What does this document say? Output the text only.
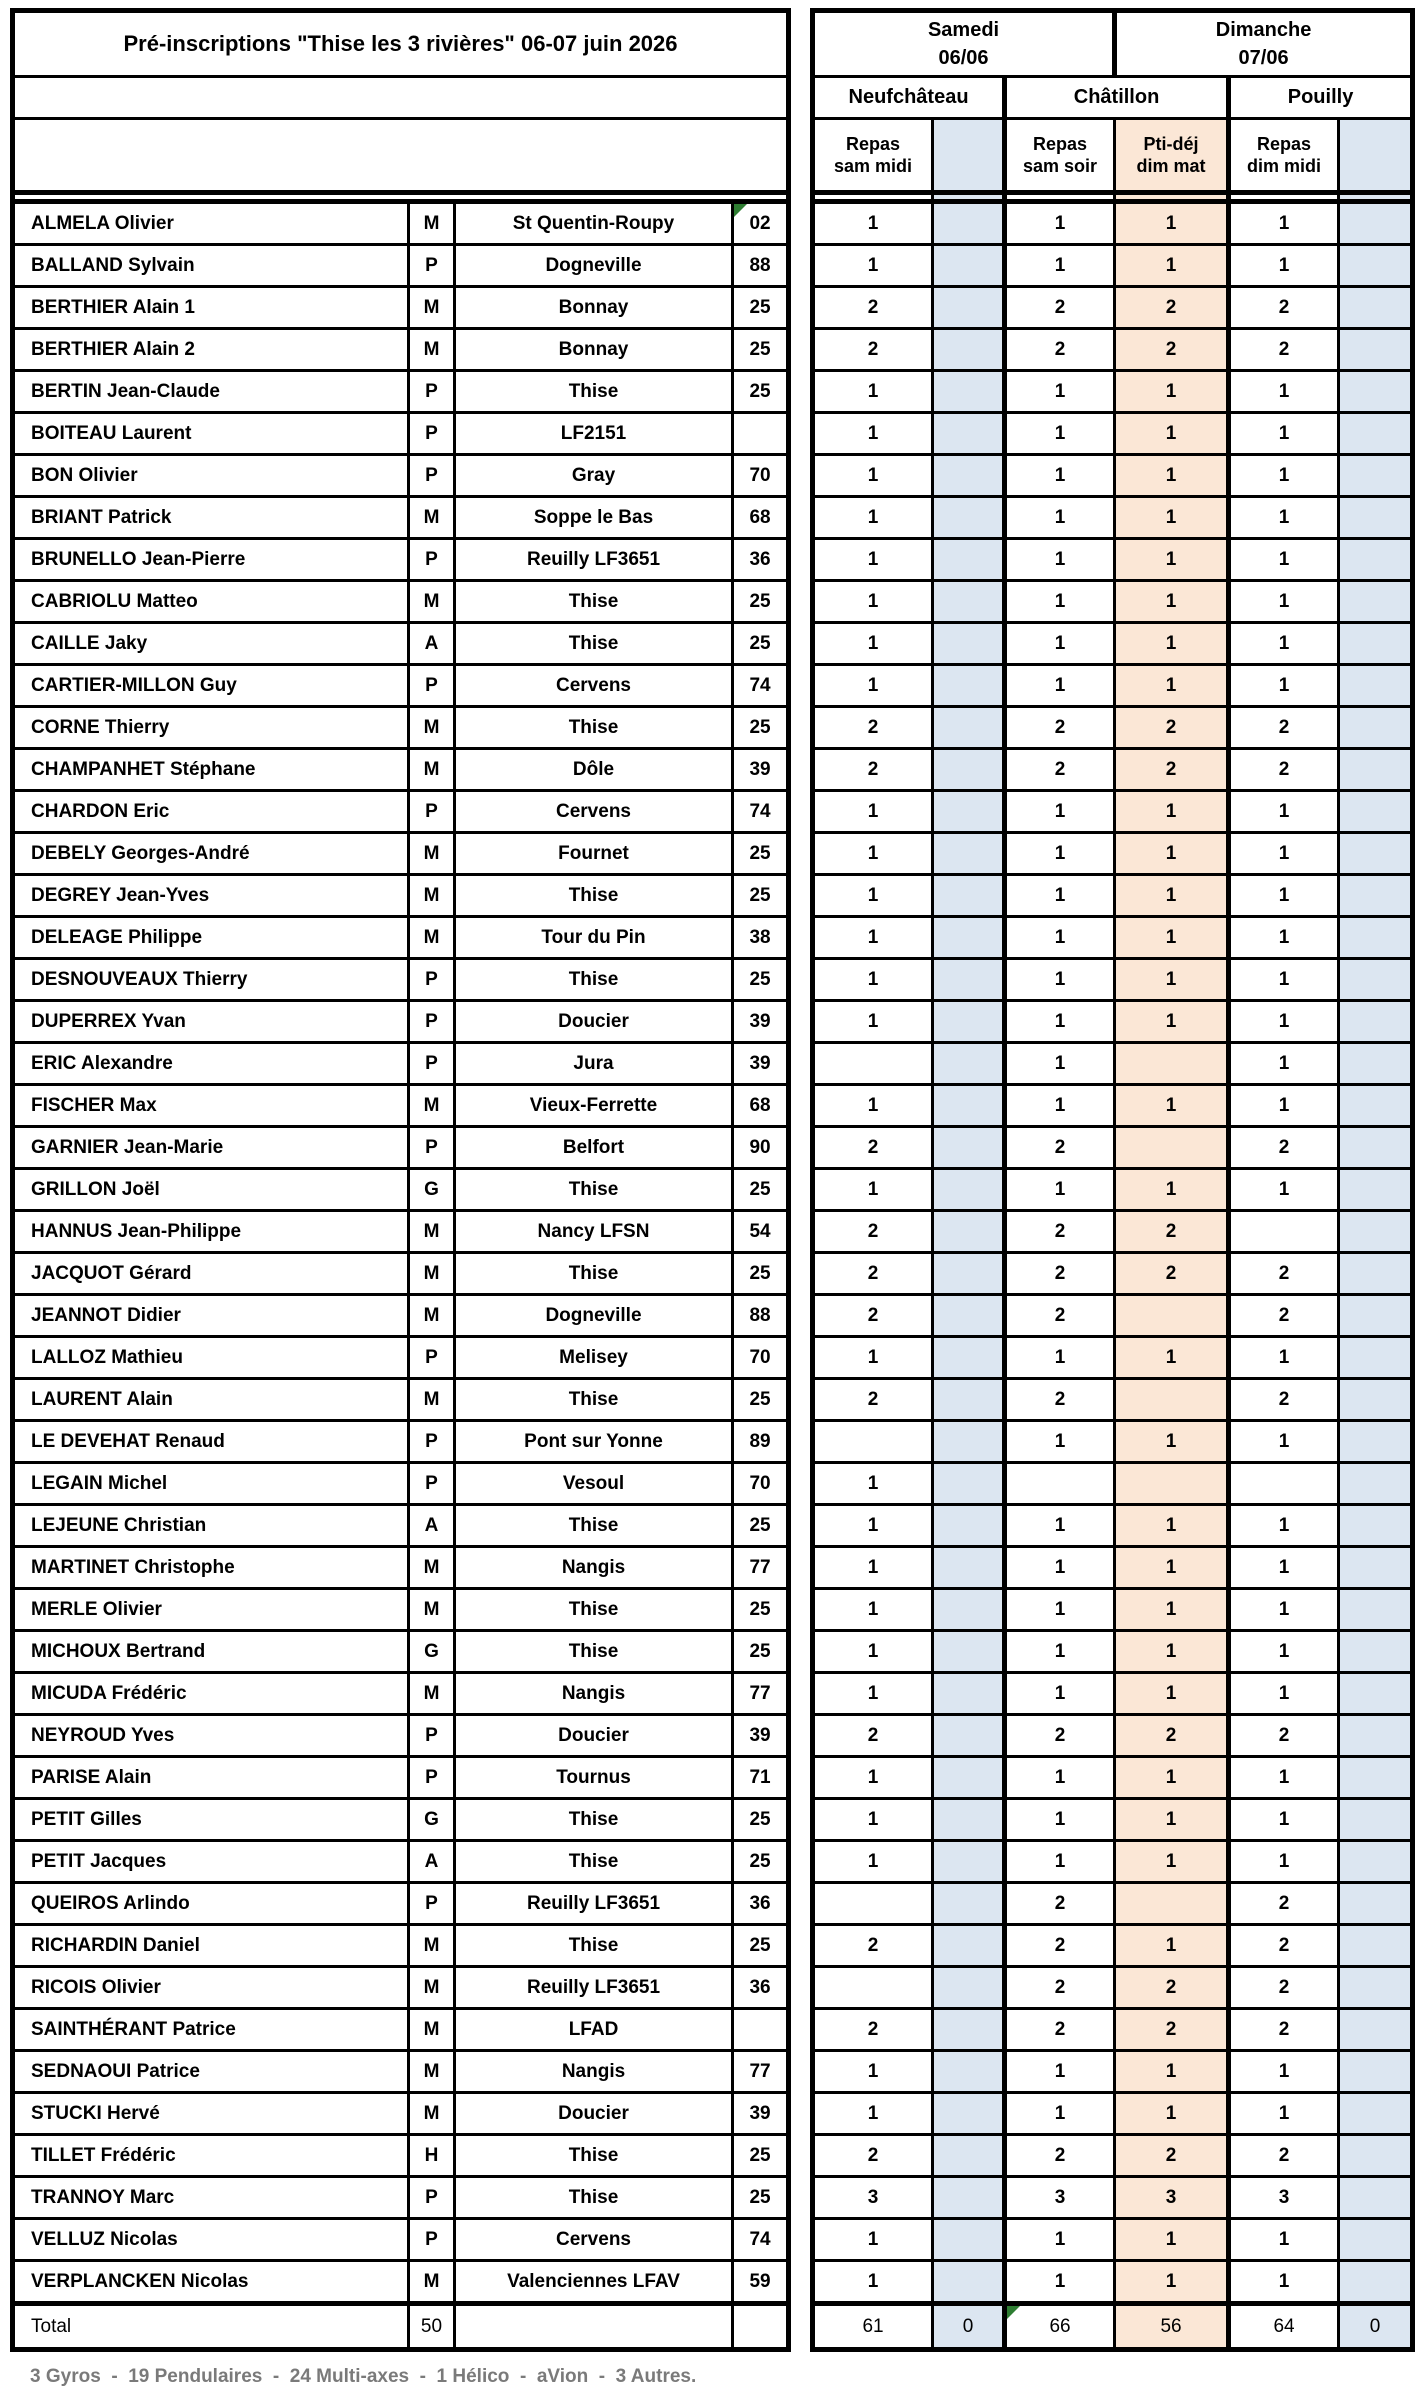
Pré-inscriptions "Thise les 3 rivières" 06-07 juin 2026		
Samedi
06/06

Dimanche
07/06

					Neufchâteau		Châtillon		Pouilly	

Repas
sam midi

Repas
sam soir

Pti-déj
dim mat

Repas
dim midi

ALMELA Olivier	M	St Quentin-Roupy	02		1		1	1	1	
BALLAND Sylvain	P	Dogneville	88		1		1	1	1	
BERTHIER Alain 1	M	Bonnay	25		2		2	2	2	
BERTHIER Alain 2	M	Bonnay	25		2		2	2	2	
BERTIN Jean-Claude	P	Thise	25		1		1	1	1	
BOITEAU Laurent	P	LF2151			1		1	1	1	
BON Olivier	P	Gray	70		1		1	1	1	
BRIANT Patrick	M	Soppe le Bas	68		1		1	1	1	
BRUNELLO Jean-Pierre	P	Reuilly LF3651	36		1		1	1	1	
CABRIOLU Matteo	M	Thise	25		1		1	1	1	
CAILLE Jaky	A	Thise	25		1		1	1	1	
CARTIER-MILLON Guy	P	Cervens	74		1		1	1	1	
CORNE Thierry	M	Thise	25		2		2	2	2	
CHAMPANHET Stéphane	M	Dôle	39		2		2	2	2	
CHARDON Eric	P	Cervens	74		1		1	1	1	
DEBELY Georges-André	M	Fournet	25		1		1	1	1	
DEGREY Jean-Yves	M	Thise	25		1		1	1	1	
DELEAGE Philippe	M	Tour du Pin	38		1		1	1	1	
DESNOUVEAUX Thierry	P	Thise	25		1		1	1	1	
DUPERREX Yvan	P	Doucier	39		1		1	1	1	
ERIC Alexandre	P	Jura	39				1		1	
FISCHER Max	M	Vieux-Ferrette	68		1		1	1	1	
GARNIER Jean-Marie	P	Belfort	90		2		2		2	
GRILLON Joël	G	Thise	25		1		1	1	1	
HANNUS Jean-Philippe	M	Nancy LFSN	54		2		2	2		
JACQUOT Gérard	M	Thise	25		2		2	2	2	
JEANNOT Didier	M	Dogneville	88		2		2		2	
LALLOZ Mathieu	P	Melisey	70		1		1	1	1	
LAURENT Alain	M	Thise	25		2		2		2	
LE DEVEHAT Renaud	P	Pont sur Yonne	89				1	1	1	
LEGAIN Michel	P	Vesoul	70		1					
LEJEUNE Christian	A	Thise	25		1		1	1	1	
MARTINET Christophe	M	Nangis	77		1		1	1	1	
MERLE Olivier	M	Thise	25		1		1	1	1	
MICHOUX Bertrand	G	Thise	25		1		1	1	1	
MICUDA Frédéric	M	Nangis	77		1		1	1	1	
NEYROUD Yves	P	Doucier	39		2		2	2	2	
PARISE Alain	P	Tournus	71		1		1	1	1	
PETIT Gilles	G	Thise	25		1		1	1	1	
PETIT Jacques	A	Thise	25		1		1	1	1	
QUEIROS Arlindo	P	Reuilly LF3651	36				2		2	
RICHARDIN Daniel	M	Thise	25		2		2	1	2	
RICOIS Olivier	M	Reuilly LF3651	36				2	2	2	
SAINTHÉRANT Patrice	M	LFAD			2		2	2	2	
SEDNAOUI Patrice	M	Nangis	77		1		1	1	1	
STUCKI Hervé	M	Doucier	39		1		1	1	1	
TILLET Frédéric	H	Thise	25		2		2	2	2	
TRANNOY Marc	P	Thise	25		3		3	3	3	
VELLUZ Nicolas	P	Cervens	74		1		1	1	1	
VERPLANCKEN Nicolas	M	Valenciennes LFAV	59		1		1	1	1	
Total	50				61	0	66	56	64	0
3 Gyros  -  19 Pendulaires  -  24 Multi-axes  -  1 Hélico  -  aVion  -  3 Autres.
